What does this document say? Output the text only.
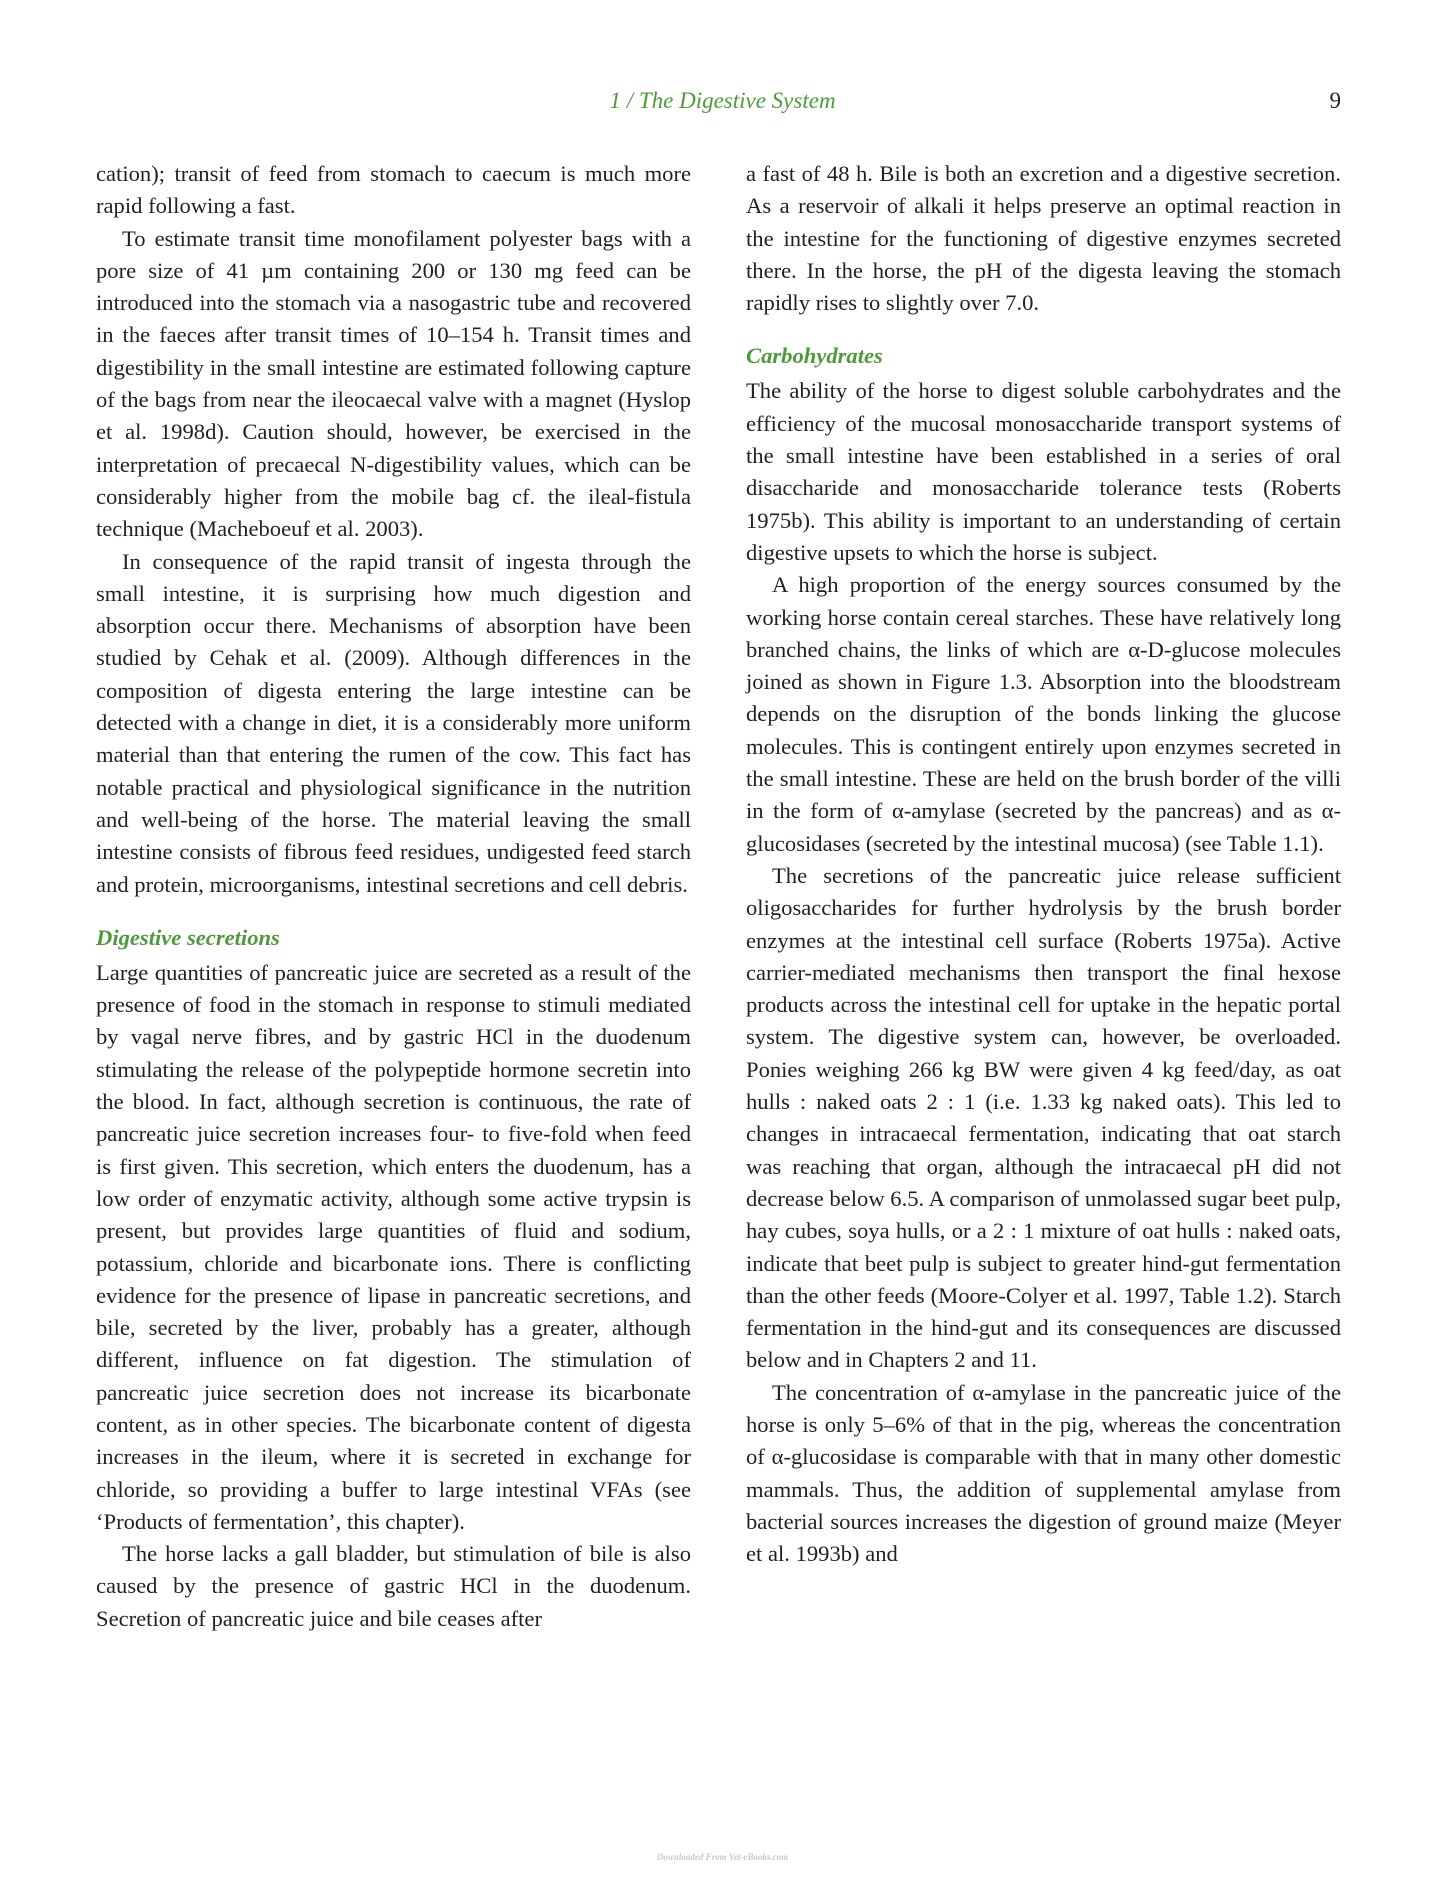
1 / The Digestive System	9

cation); transit of feed from stomach to caecum is much more rapid following a fast.

To estimate transit time monofilament polyester bags with a pore size of 41 µm containing 200 or 130 mg feed can be introduced into the stomach via a nasogastric tube and recovered in the faeces after transit times of 10–154 h. Transit times and digestibility in the small intestine are estimated following capture of the bags from near the ileocaecal valve with a magnet (Hyslop et al. 1998d). Caution should, however, be exercised in the interpretation of precaecal N-digestibility values, which can be considerably higher from the mobile bag cf. the ileal-fistula technique (Macheboeuf et al. 2003).

In consequence of the rapid transit of ingesta through the small intestine, it is surprising how much digestion and absorption occur there. Mechanisms of absorption have been studied by Cehak et al. (2009). Although differences in the composition of digesta entering the large intestine can be detected with a change in diet, it is a considerably more uniform material than that entering the rumen of the cow. This fact has notable practical and physiological significance in the nutrition and well-being of the horse. The material leaving the small intestine consists of fibrous feed residues, undigested feed starch and protein, microorganisms, intestinal secretions and cell debris.

Digestive secretions

Large quantities of pancreatic juice are secreted as a result of the presence of food in the stomach in response to stimuli mediated by vagal nerve fibres, and by gastric HCl in the duodenum stimulating the release of the polypeptide hormone secretin into the blood. In fact, although secretion is continuous, the rate of pancreatic juice secretion increases four- to five-fold when feed is first given. This secretion, which enters the duodenum, has a low order of enzymatic activity, although some active trypsin is present, but provides large quantities of fluid and sodium, potassium, chloride and bicarbonate ions. There is conflicting evidence for the presence of lipase in pancreatic secretions, and bile, secreted by the liver, probably has a greater, although different, influence on fat digestion. The stimulation of pancreatic juice secretion does not increase its bicarbonate content, as in other species. The bicarbonate content of digesta increases in the ileum, where it is secreted in exchange for chloride, so providing a buffer to large intestinal VFAs (see ‘Products of fermentation’, this chapter).

The horse lacks a gall bladder, but stimulation of bile is also caused by the presence of gastric HCl in the duodenum. Secretion of pancreatic juice and bile ceases after

a fast of 48 h. Bile is both an excretion and a digestive secretion. As a reservoir of alkali it helps preserve an optimal reaction in the intestine for the functioning of digestive enzymes secreted there. In the horse, the pH of the digesta leaving the stomach rapidly rises to slightly over 7.0.

Carbohydrates

The ability of the horse to digest soluble carbohydrates and the efficiency of the mucosal monosaccharide transport systems of the small intestine have been established in a series of oral disaccharide and monosaccharide tolerance tests (Roberts 1975b). This ability is important to an understanding of certain digestive upsets to which the horse is subject.

A high proportion of the energy sources consumed by the working horse contain cereal starches. These have relatively long branched chains, the links of which are α-D-glucose molecules joined as shown in Figure 1.3. Absorption into the bloodstream depends on the disruption of the bonds linking the glucose molecules. This is contingent entirely upon enzymes secreted in the small intestine. These are held on the brush border of the villi in the form of α-amylase (secreted by the pancreas) and as α-glucosidases (secreted by the intestinal mucosa) (see Table 1.1).

The secretions of the pancreatic juice release sufficient oligosaccharides for further hydrolysis by the brush border enzymes at the intestinal cell surface (Roberts 1975a). Active carrier-mediated mechanisms then transport the final hexose products across the intestinal cell for uptake in the hepatic portal system. The digestive system can, however, be overloaded. Ponies weighing 266 kg BW were given 4 kg feed/day, as oat hulls : naked oats 2 : 1 (i.e. 1.33 kg naked oats). This led to changes in intracaecal fermentation, indicating that oat starch was reaching that organ, although the intracaecal pH did not decrease below 6.5. A comparison of unmolassed sugar beet pulp, hay cubes, soya hulls, or a 2 : 1 mixture of oat hulls : naked oats, indicate that beet pulp is subject to greater hind-gut fermentation than the other feeds (Moore-Colyer et al. 1997, Table 1.2). Starch fermentation in the hind-gut and its consequences are discussed below and in Chapters 2 and 11.

The concentration of α-amylase in the pancreatic juice of the horse is only 5–6% of that in the pig, whereas the concentration of α-glucosidase is comparable with that in many other domestic mammals. Thus, the addition of supplemental amylase from bacterial sources increases the digestion of ground maize (Meyer et al. 1993b) and

Downloaded From Vet-eBooks.com
